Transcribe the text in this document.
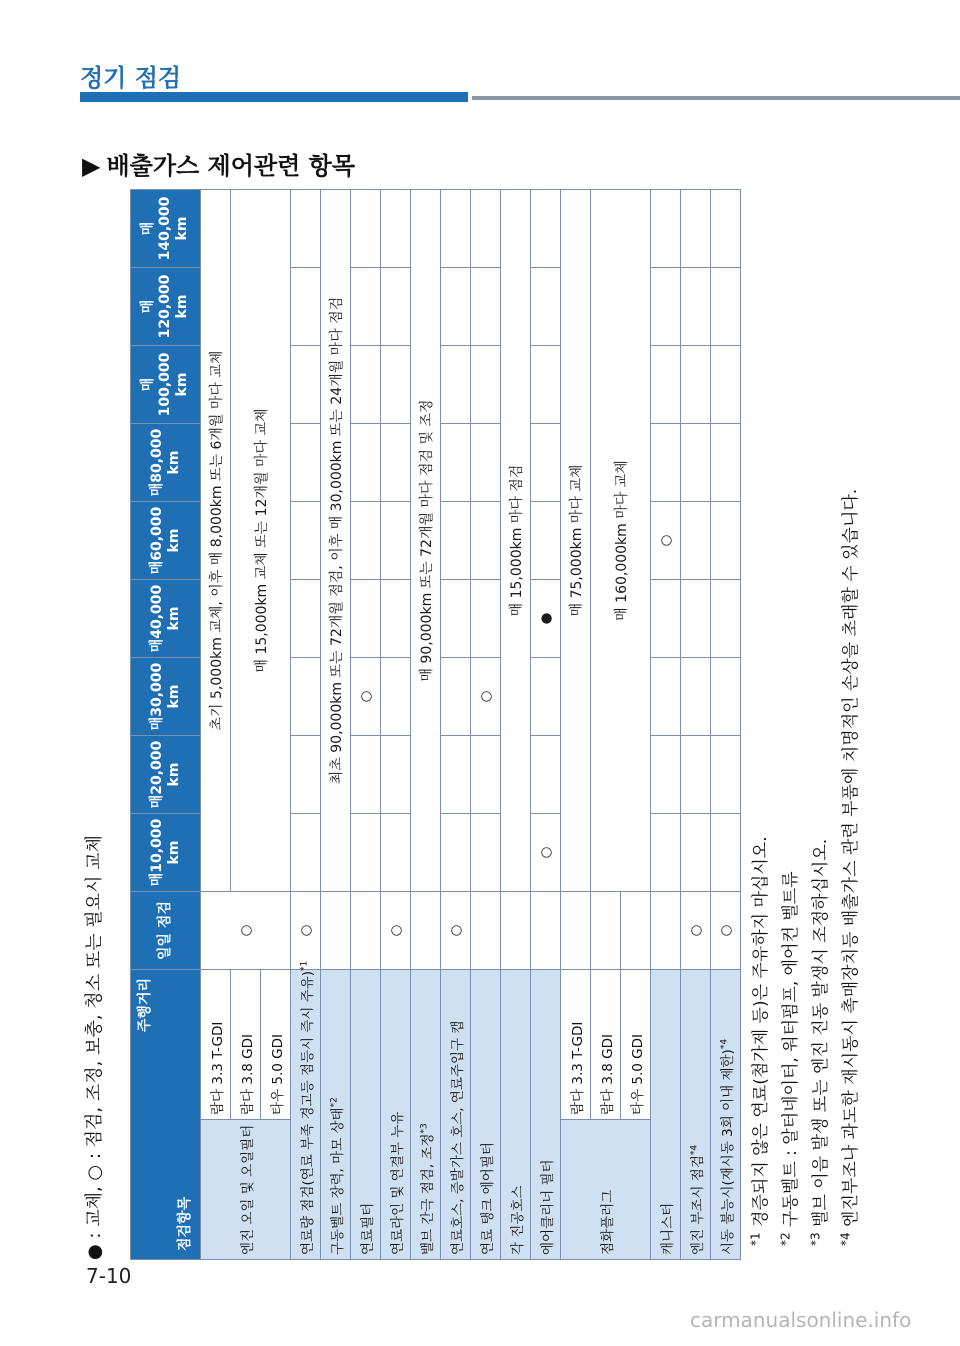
정기 점검
▶ 배출가스 제어관련 항목
● : 교체, ○ : 점검, 조정, 보충, 청소 또는 필요시 교체 주행거리
점검항목		일일 점검	매10,000 km	매20,000 km	매30,000 km	매40,000 km	매60,000 km	매80,000 km	매100,000 km	매120,000 km	매140,000 km
엔진 오일 및 오일필터	람다 3.3 T-GDI	○	초기 5,000km 교체, 이후 매 8,000km 또는 6개월 마다 교체								
	람다 3.8 GDI		매 15,000km 교체 또는 12개월 마다 교체								
	타우 5.0 GDI										
연료량 점검(연료 부족 경고등 점등시 즉시 주유)$^{*1}$		○									
구동벨트 장력, 마모 상태$^{*2}$			최초 90,000km 또는 72개월 점검, 이후 매 30,000km 또는 24개월 마다 점검								
연료필터					○						
연료라인 및 연결부 누유		○									
밸브 간극 점검, 조정$^{*3}$			매 90,000km 또는 72개월 마다 점검 및 조정								
연료호스, 증발가스 호스, 연료주입구 캡		○									
연료 탱크 에어필터					○						
각 진공호스			매 15,000km 마다 점검								
에어클리너 필터			○			●					
점화플러그	람다 3.3 T-GDI		매 75,000km 마다 교체								
	람다 3.8 GDI		매 160,000km 마다 교체								
	타우 5.0 GDI										
캐니스터							○				
엔진 부조시 점검$^{*4}$		○									
시동 불능시(재시동 3회 이내 제한)$^{*4}$		○									
$^{*1}$ 경증되지 않은 연료(첨가제 등)은 주유하지 마십시오.
$^{*2}$ 구동벨트 : 알터네이터, 워터펌프, 에어컨 벨트류
$^{*3}$ 밸브 이음 발생 또는 엔진 진동 발생시 조정하십시오.
$^{*4}$ 엔진부조나 과도한 재시동시 촉매장치등 배출가스 관련 부품에 치명적인 손상을 초래할 수 있습니다.
7-10
carmanualsonline.info
